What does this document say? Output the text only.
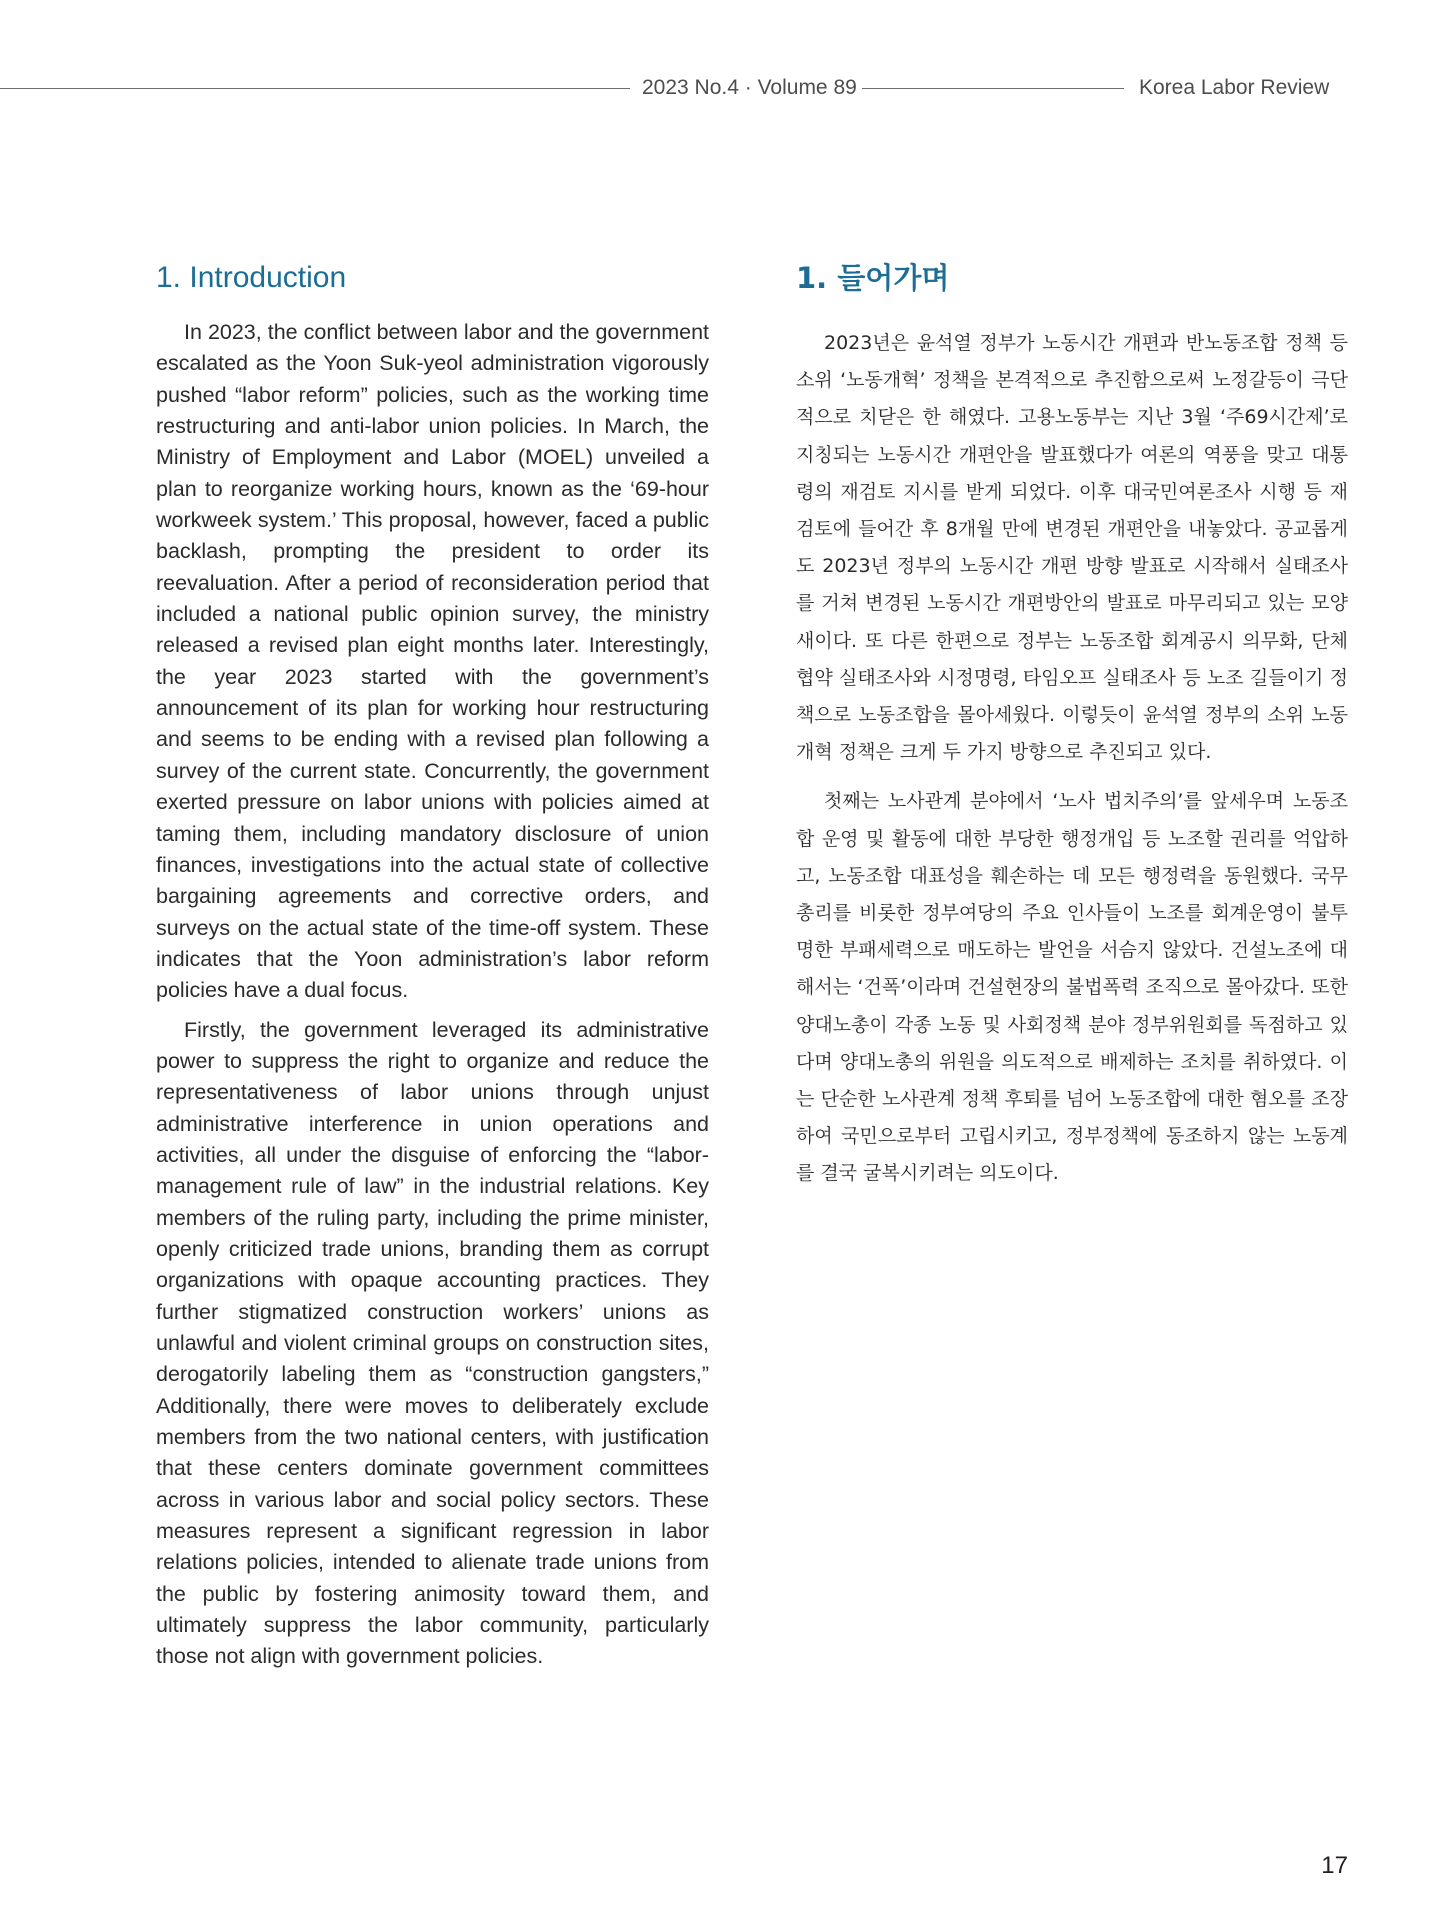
2023 No.4 · Volume 89	Korea Labor Review
1. Introduction

In 2023, the conflict between labor and the government escalated as the Yoon Suk-yeol administration vigorously pushed “labor reform” policies, such as the working time restructuring and anti-labor union policies. In March, the Ministry of Employment and Labor (MOEL) unveiled a plan to reorganize working hours, known as the ‘69-hour workweek system.’ This proposal, however, faced a public backlash, prompting the president to order its reevaluation. After a period of reconsideration period that included a national public opinion survey, the ministry released a revised plan eight months later. Interestingly, the year 2023 started with the government’s announcement of its plan for working hour restructuring and seems to be ending with a revised plan following a survey of the current state. Concurrently, the government exerted pressure on labor unions with policies aimed at taming them, including mandatory disclosure of union finances, investigations into the actual state of collective bargaining agreements and corrective orders, and surveys on the actual state of the time-off system. These indicates that the Yoon administration’s labor reform policies have a dual focus.

Firstly, the government leveraged its administrative power to suppress the right to organize and reduce the representativeness of labor unions through unjust administrative interference in union operations and activities, all under the disguise of enforcing the “labor-management rule of law” in the industrial relations. Key members of the ruling party, including the prime minister, openly criticized trade unions, branding them as corrupt organizations with opaque accounting practices. They further stigmatized construction workers’ unions as unlawful and violent criminal groups on construction sites, derogatorily labeling them as “construction gangsters,” Additionally, there were moves to deliberately exclude members from the two national centers, with justification that these centers dominate government committees across in various labor and social policy sectors. These measures represent a significant regression in labor relations policies, intended to alienate trade unions from the public by fostering animosity toward them, and ultimately suppress the labor community, particularly those not align with government policies.

1. 들어가며

2023년은 윤석열 정부가 노동시간 개편과 반노동조합 정책 등 소위 ‘노동개혁’ 정책을 본격적으로 추진함으로써 노정갈등이 극단적으로 치닫은 한 해였다. 고용노동부는 지난 3월 ‘주69시간제’로 지칭되는 노동시간 개편안을 발표했다가 여론의 역풍을 맞고 대통령의 재검토 지시를 받게 되었다. 이후 대국민여론조사 시행 등 재검토에 들어간 후 8개월 만에 변경된 개편안을 내놓았다. 공교롭게도 2023년 정부의 노동시간 개편 방향 발표로 시작해서 실태조사를 거쳐 변경된 노동시간 개편방안의 발표로 마무리되고 있는 모양새이다. 또 다른 한편으로 정부는 노동조합 회계공시 의무화, 단체협약 실태조사와 시정명령, 타임오프 실태조사 등 노조 길들이기 정책으로 노동조합을 몰아세웠다. 이렇듯이 윤석열 정부의 소위 노동개혁 정책은 크게 두 가지 방향으로 추진되고 있다.

첫째는 노사관계 분야에서 ‘노사 법치주의’를 앞세우며 노동조합 운영 및 활동에 대한 부당한 행정개입 등 노조할 권리를 억압하고, 노동조합 대표성을 훼손하는 데 모든 행정력을 동원했다. 국무총리를 비롯한 정부여당의 주요 인사들이 노조를 회계운영이 불투명한 부패세력으로 매도하는 발언을 서슴지 않았다. 건설노조에 대해서는 ‘건폭’이라며 건설현장의 불법폭력 조직으로 몰아갔다. 또한 양대노총이 각종 노동 및 사회정책 분야 정부위원회를 독점하고 있다며 양대노총의 위원을 의도적으로 배제하는 조치를 취하였다. 이는 단순한 노사관계 정책 후퇴를 넘어 노동조합에 대한 혐오를 조장하여 국민으로부터 고립시키고, 정부정책에 동조하지 않는 노동계를 결국 굴복시키려는 의도이다.

17
